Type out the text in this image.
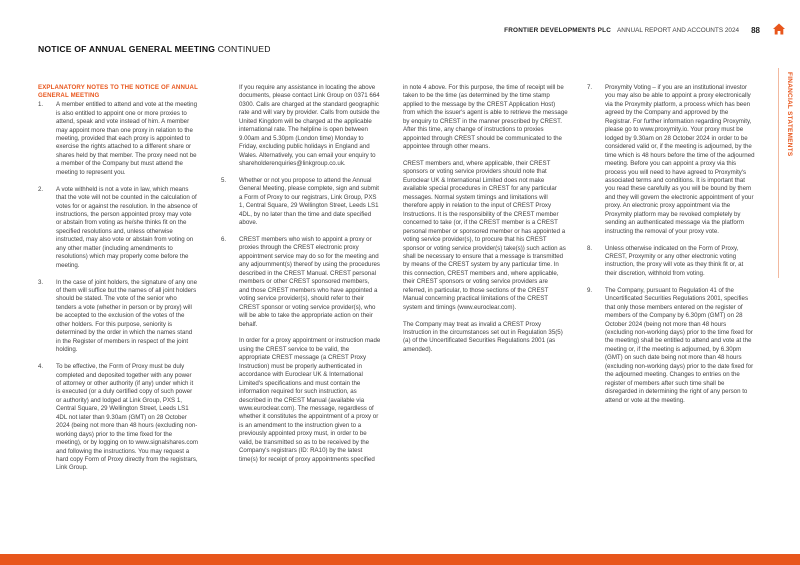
FRONTIER DEVELOPMENTS PLC ANNUAL REPORT AND ACCOUNTS 2024 88
NOTICE OF ANNUAL GENERAL MEETING CONTINUED
FINANCIAL STATEMENTS
EXPLANATORY NOTES TO THE NOTICE OF ANNUAL GENERAL MEETING
1.	A member entitled to attend and vote at the meeting is also entitled to appoint one or more proxies to attend, speak and vote instead of him. A member may appoint more than one proxy in relation to the meeting, provided that each proxy is appointed to exercise the rights attached to a different share or shares held by that member. The proxy need not be a member of the Company but must attend the meeting to represent you.
2.	A vote withheld is not a vote in law, which means that the vote will not be counted in the calculation of votes for or against the resolution. In the absence of instructions, the person appointed proxy may vote or abstain from voting as he/she thinks fit on the specified resolutions and, unless otherwise instructed, may also vote or abstain from voting on any other matter (including amendments to resolutions) which may properly come before the meeting.
3.	In the case of joint holders, the signature of any one of them will suffice but the names of all joint holders should be stated. The vote of the senior who tenders a vote (whether in person or by proxy) will be accepted to the exclusion of the votes of the other holders. For this purpose, seniority is determined by the order in which the names stand in the Register of members in respect of the joint holding.
4.	To be effective, the Form of Proxy must be duly completed and deposited together with any power of attorney or other authority (if any) under which it is executed (or a duly certified copy of such power or authority) and lodged at Link Group, PXS 1, Central Square, 29 Wellington Street, Leeds LS1 4DL not later than 9.30am (GMT) on 28 October 2024 (being not more than 48 hours (excluding non-working days) prior to the time fixed for the meeting), or by logging on to www.signalshares.com and following the instructions. You may request a hard copy Form of Proxy directly from the registrars, Link Group.
If you require any assistance in locating the above documents, please contact Link Group on 0371 664 0300. Calls are charged at the standard geographic rate and will vary by provider. Calls from outside the United Kingdom will be charged at the applicable international rate. The helpline is open between 9.00am and 5.30pm (London time) Monday to Friday, excluding public holidays in England and Wales. Alternatively, you can email your enquiry to shareholderenquiries@linkgroup.co.uk.
5.	Whether or not you propose to attend the Annual General Meeting, please complete, sign and submit a Form of Proxy to our registrars, Link Group, PXS 1, Central Square, 29 Wellington Street, Leeds LS1 4DL, by no later than the time and date specified above.
6.	CREST members who wish to appoint a proxy or proxies through the CREST electronic proxy appointment service may do so for the meeting and any adjournment(s) thereof by using the procedures described in the CREST Manual. CREST personal members or other CREST sponsored members, and those CREST members who have appointed a voting service provider(s), should refer to their CREST sponsor or voting service provider(s), who will be able to take the appropriate action on their behalf.
In order for a proxy appointment or instruction made using the CREST service to be valid, the appropriate CREST message (a CREST Proxy Instruction) must be properly authenticated in accordance with Euroclear UK & International Limited's specifications and must contain the information required for such instruction, as described in the CREST Manual (available via www.euroclear.com). The message, regardless of whether it constitutes the appointment of a proxy or is an amendment to the instruction given to a previously appointed proxy must, in order to be valid, be transmitted so as to be received by the Company's registrars (ID: RA10) by the latest time(s) for receipt of proxy appointments specified
in note 4 above. For this purpose, the time of receipt will be taken to be the time (as determined by the time stamp applied to the message by the CREST Application Host) from which the issuer's agent is able to retrieve the message by enquiry to CREST in the manner prescribed by CREST. After this time, any change of instructions to proxies appointed through CREST should be communicated to the appointee through other means.
CREST members and, where applicable, their CREST sponsors or voting service providers should note that Euroclear UK & International Limited does not make available special procedures in CREST for any particular messages. Normal system timings and limitations will therefore apply in relation to the input of CREST Proxy Instructions. It is the responsibility of the CREST member concerned to take (or, if the CREST member is a CREST personal member or sponsored member or has appointed a voting service provider(s), to procure that his CREST sponsor or voting service provider(s) take(s)) such action as shall be necessary to ensure that a message is transmitted by means of the CREST system by any particular time. In this connection, CREST members and, where applicable, their CREST sponsors or voting service providers are referred, in particular, to those sections of the CREST Manual concerning practical limitations of the CREST system and timings (www.euroclear.com).
The Company may treat as invalid a CREST Proxy Instruction in the circumstances set out in Regulation 35(5)(a) of the Uncertificated Securities Regulations 2001 (as amended).
7.	Proxymity Voting – if you are an institutional investor you may also be able to appoint a proxy electronically via the Proxymity platform, a process which has been agreed by the Company and approved by the Registrar. For further information regarding Proxymity, please go to www.proxymity.io. Your proxy must be lodged by 9.30am on 28 October 2024 in order to be considered valid or, if the meeting is adjourned, by the time which is 48 hours before the time of the adjourned meeting. Before you can appoint a proxy via this process you will need to have agreed to Proxymity's associated terms and conditions. It is important that you read these carefully as you will be bound by them and they will govern the electronic appointment of your proxy. An electronic proxy appointment via the Proxymity platform may be revoked completely by sending an authenticated message via the platform instructing the removal of your proxy vote.
8.	Unless otherwise indicated on the Form of Proxy, CREST, Proxymity or any other electronic voting instruction, the proxy will vote as they think fit or, at their discretion, withhold from voting.
9.	The Company, pursuant to Regulation 41 of the Uncertificated Securities Regulations 2001, specifies that only those members entered on the register of members of the Company by 6.30pm (GMT) on 28 October 2024 (being not more than 48 hours (excluding non-working days) prior to the time fixed for the meeting) shall be entitled to attend and vote at the meeting or, if the meeting is adjourned, by 6.30pm (GMT) on such date being not more than 48 hours (excluding non-working days) prior to the date fixed for the adjourned meeting. Changes to entries on the register of members after such time shall be disregarded in determining the right of any person to attend or vote at the meeting.
